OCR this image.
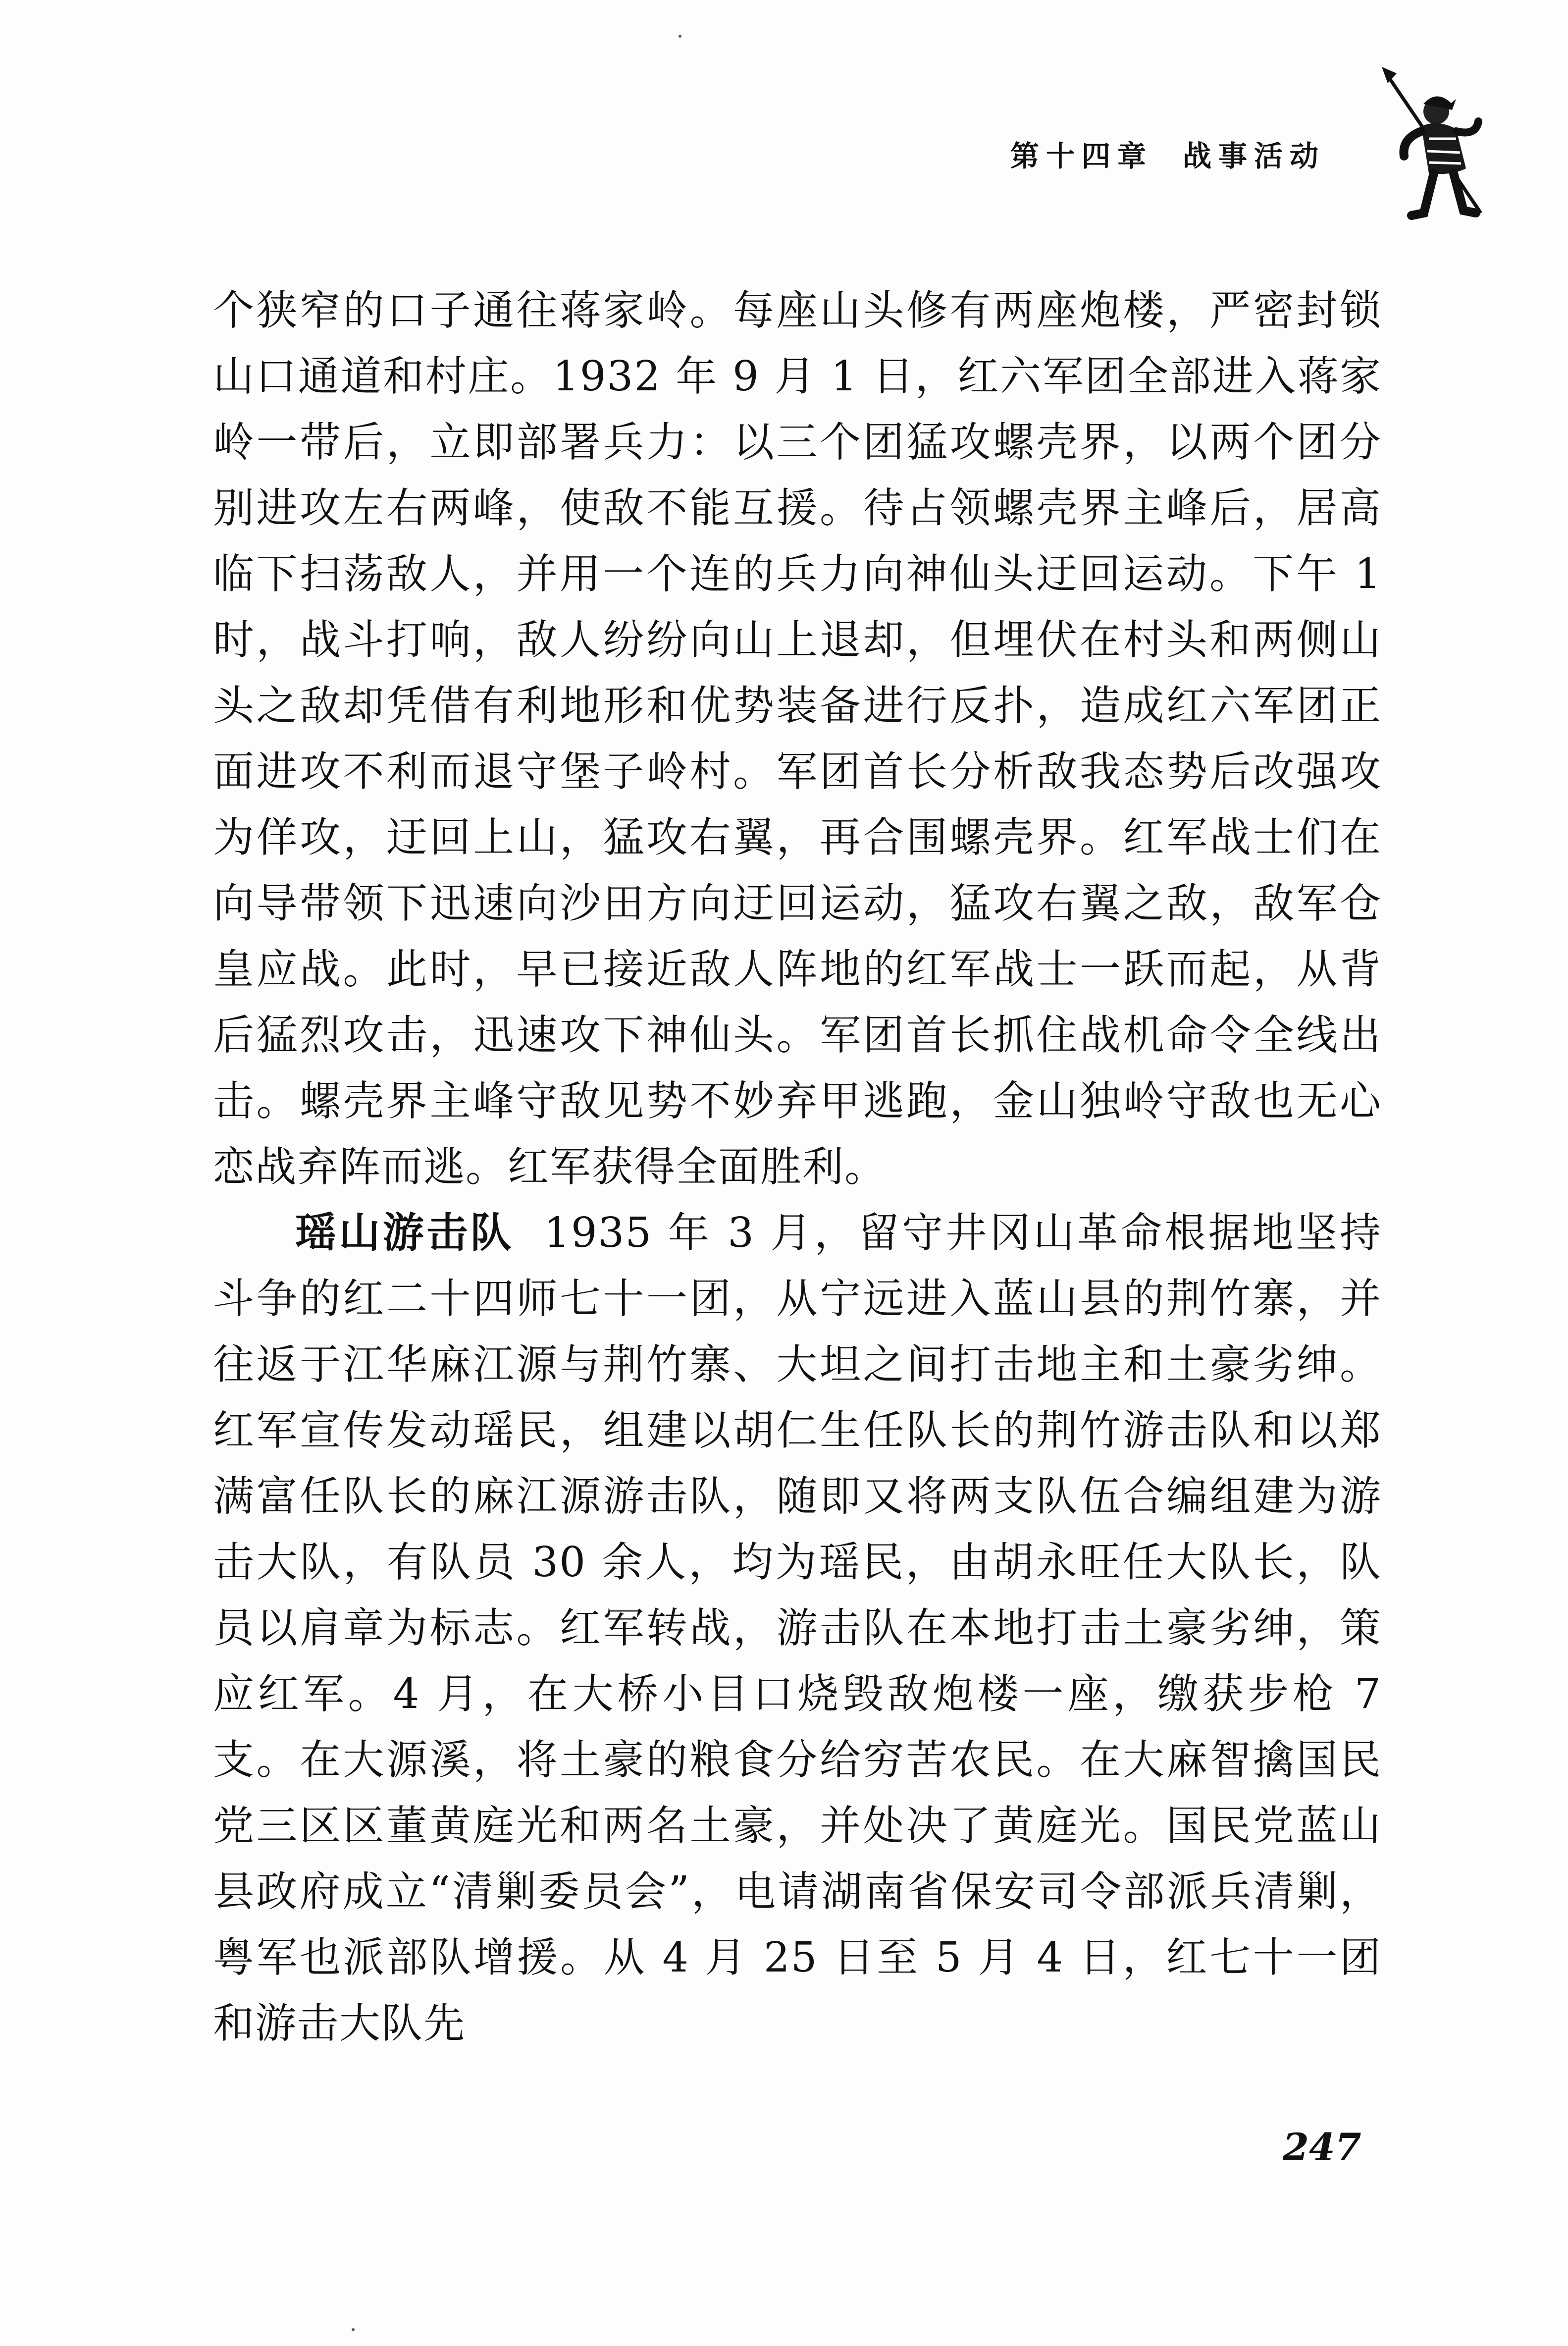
第十四章 战事活动

个狭窄的口子通往蒋家岭。每座山头修有两座炮楼，严密封锁山口通道和村庄。1932 年 9 月 1 日，红六军团全部进入蒋家岭一带后，立即部署兵力：以三个团猛攻螺壳界，以两个团分别进攻左右两峰，使敌不能互援。待占领螺壳界主峰后，居高临下扫荡敌人，并用一个连的兵力向神仙头迂回运动。下午 1 时，战斗打响，敌人纷纷向山上退却，但埋伏在村头和两侧山头之敌却凭借有利地形和优势装备进行反扑，造成红六军团正面进攻不利而退守堡子岭村。军团首长分析敌我态势后改强攻为佯攻，迂回上山，猛攻右翼，再合围螺壳界。红军战士们在向导带领下迅速向沙田方向迂回运动，猛攻右翼之敌，敌军仓皇应战。此时，早已接近敌人阵地的红军战士一跃而起，从背后猛烈攻击，迅速攻下神仙头。军团首长抓住战机命令全线出击。螺壳界主峰守敌见势不妙弃甲逃跑，金山独岭守敌也无心恋战弃阵而逃。红军获得全面胜利。

瑶山游击队 1935 年 3 月，留守井冈山革命根据地坚持斗争的红二十四师七十一团，从宁远进入蓝山县的荆竹寨，并往返于江华麻江源与荆竹寨、大坦之间打击地主和土豪劣绅。红军宣传发动瑶民，组建以胡仁生任队长的荆竹游击队和以郑满富任队长的麻江源游击队，随即又将两支队伍合编组建为游击大队，有队员 30 余人，均为瑶民，由胡永旺任大队长，队员以肩章为标志。红军转战，游击队在本地打击土豪劣绅，策应红军。4 月，在大桥小目口烧毁敌炮楼一座，缴获步枪 7 支。在大源溪，将土豪的粮食分给穷苦农民。在大麻智擒国民党三区区董黄庭光和两名土豪，并处决了黄庭光。国民党蓝山县政府成立“清剿委员会”，电请湖南省保安司令部派兵清剿，粤军也派部队增援。从 4 月 25 日至 5 月 4 日，红七十一团和游击大队先

247
